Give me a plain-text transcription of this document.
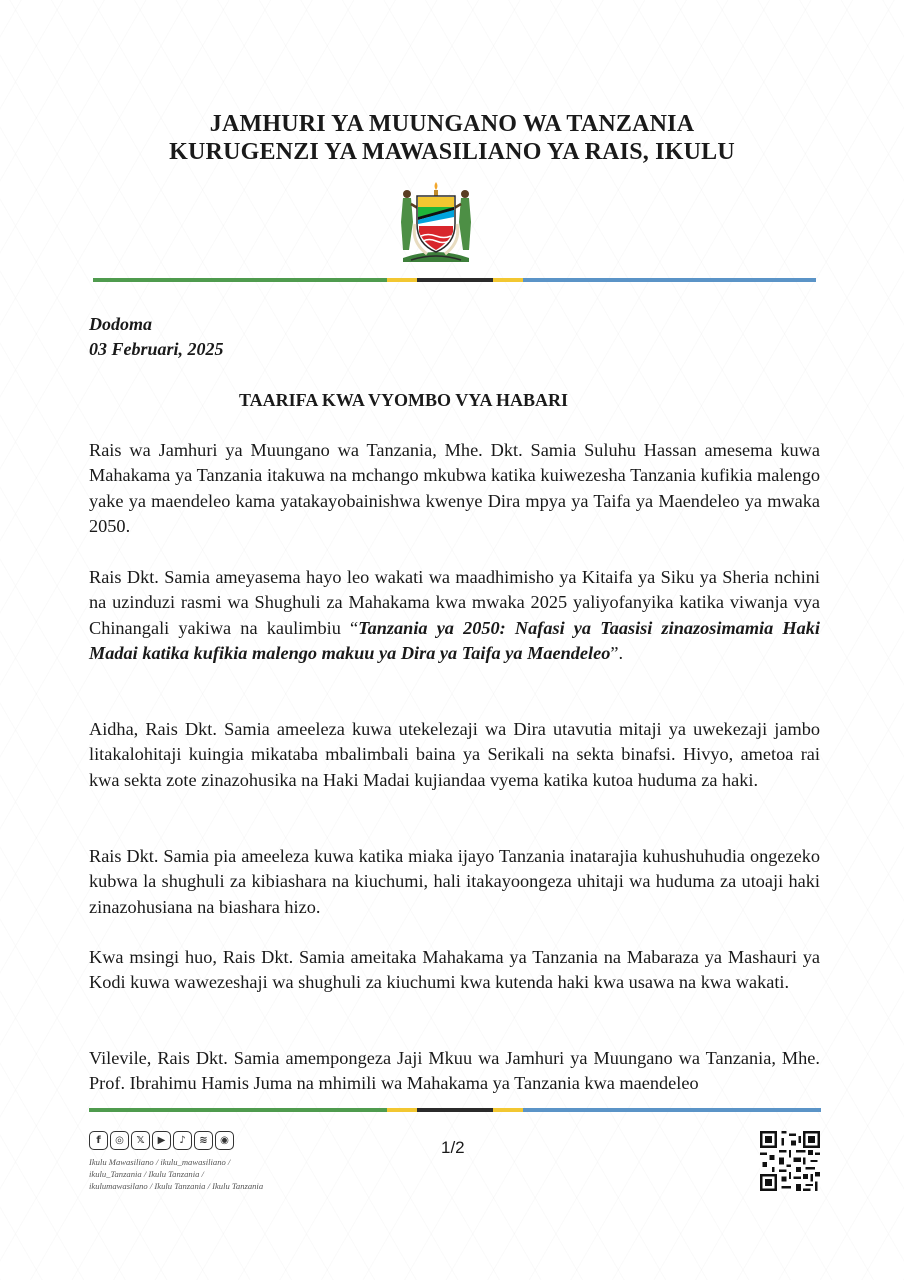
JAMHURI YA MUUNGANO WA TANZANIA
KURUGENZI YA MAWASILIANO YA RAIS, IKULU
Dodoma
03 Februari, 2025
TAARIFA KWA VYOMBO VYA HABARI

Rais wa Jamhuri ya Muungano wa Tanzania, Mhe. Dkt. Samia Suluhu Hassan amesema kuwa Mahakama ya Tanzania itakuwa na mchango mkubwa katika kuiwezesha Tanzania kufikia malengo yake ya maendeleo kama yatakayobainishwa kwenye Dira mpya ya Taifa ya Maendeleo ya mwaka 2050.

Rais Dkt. Samia ameyasema hayo leo wakati wa maadhimisho ya Kitaifa ya Siku ya Sheria nchini na uzinduzi rasmi wa Shughuli za Mahakama kwa mwaka 2025 yaliyofanyika katika viwanja vya Chinangali yakiwa na kaulimbiu “Tanzania ya 2050: Nafasi ya Taasisi zinazosimamia Haki Madai katika kufikia malengo makuu ya Dira ya Taifa ya Maendeleo”.

Aidha, Rais Dkt. Samia ameeleza kuwa utekelezaji wa Dira utavutia mitaji ya uwekezaji jambo litakalohitaji kuingia mikataba mbalimbali baina ya Serikali na sekta binafsi. Hivyo, ametoa rai kwa sekta zote zinazohusika na Haki Madai kujiandaa vyema katika kutoa huduma za haki.

Rais Dkt. Samia pia ameeleza kuwa katika miaka ijayo Tanzania inatarajia kuhushuhudia ongezeko kubwa la shughuli za kibiashara na kiuchumi, hali itakayoongeza uhitaji wa huduma za utoaji haki zinazohusiana na biashara hizo.

Kwa msingi huo, Rais Dkt. Samia ameitaka Mahakama ya Tanzania na Mabaraza ya Mashauri ya Kodi kuwa wawezeshaji wa shughuli za kiuchumi kwa kutenda haki kwa usawa na kwa wakati.

Vilevile, Rais Dkt. Samia amempongeza Jaji Mkuu wa Jamhuri ya Muungano wa Tanzania, Mhe. Prof. Ibrahimu Hamis Juma na mhimili wa Mahakama ya Tanzania kwa maendeleo

f	◎	𝕏	▶	♪	≋	◉
Ikulu Mawasiliano / ikulu_mawasiliano /
ikulu_Tanzania / Ikulu Tanzania /
ikulumawasilano / Ikulu Tanzania / Ikulu Tanzania
1/2
